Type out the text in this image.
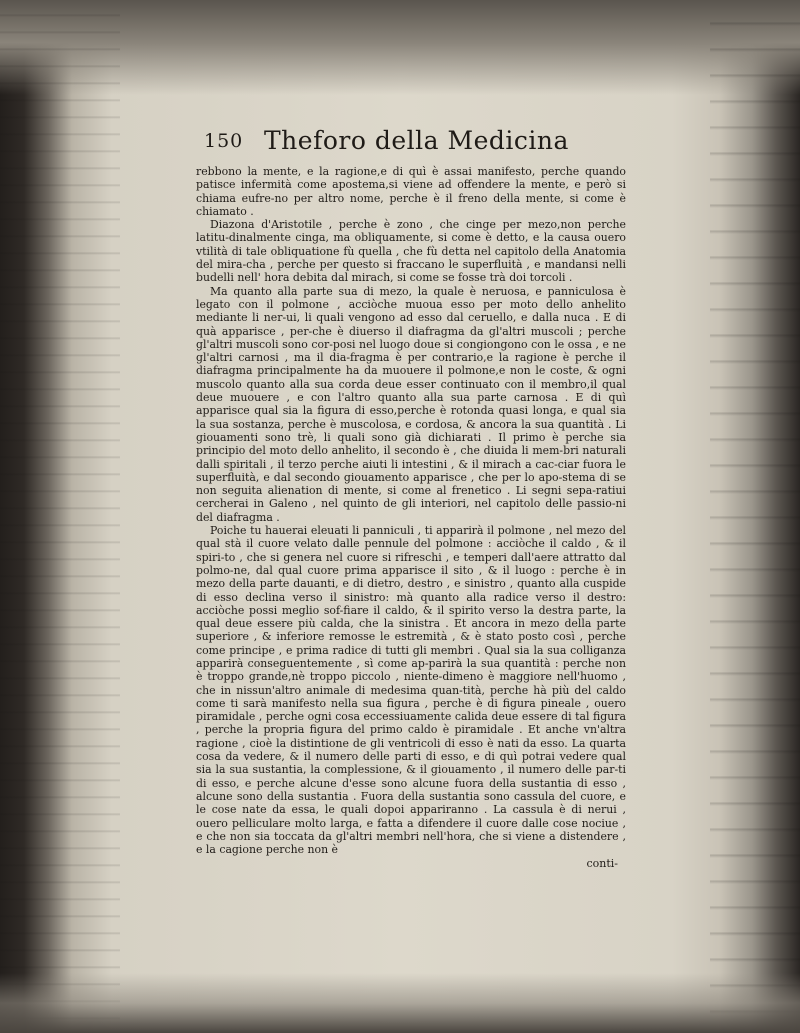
150 Theforo della Medicina

rebbono la mente, e la ragione,e di quì è assai manifesto, perche quando patisce infermità come apostema,si viene ad offendere la mente, e però si chiama eufre-no per altro nome, perche è il freno della mente, si come è chiamato .

Diazona d'Aristotile , perche è zono , che cinge per mezo,non perche latitu-dinalmente cinga, ma obliquamente, si come è detto, e la causa ouero vtilità di tale obliquatione fù quella , che fù detta nel capitolo della Anatomia del mira-cha , perche per questo si fraccano le superfluità , e mandansi nelli budelli nell' hora debita dal mirach, si come se fosse trà doi torcoli .

Ma quanto alla parte sua di mezo, la quale è neruosa, e panniculosa è legato con il polmone , acciòche muoua esso per moto dello anhelito mediante li ner-ui, li quali vengono ad esso dal ceruello, e dalla nuca . E di quà apparisce , per-che è diuerso il diafragma da gl'altri muscoli ; perche gl'altri muscoli sono cor-posi nel luogo doue si congiongono con le ossa , e ne gl'altri carnosi , ma il dia-fragma è per contrario,e la ragione è perche il diafragma principalmente ha da muouere il polmone,e non le coste, & ogni muscolo quanto alla sua corda deue esser continuato con il membro,il qual deue muouere , e con l'altro quanto alla sua parte carnosa . E di quì apparisce qual sia la figura di esso,perche è rotonda quasi longa, e qual sia la sua sostanza, perche è muscolosa, e cordosa, & ancora la sua quantità . Li giouamenti sono trè, li quali sono già dichiarati . Il primo è perche sia principio del moto dello anhelito, il secondo è , che diuida li mem-bri naturali dalli spiritali , il terzo perche aiuti li intestini , & il mirach a cac-ciar fuora le superfluità, e dal secondo giouamento apparisce , che per lo apo-stema di se non seguita alienation di mente, si come al frenetico . Li segni sepa-ratiui cercherai in Galeno , nel quinto de gli interiori, nel capitolo delle passio-ni del diafragma .

Poiche tu hauerai eleuati li panniculi , ti apparirà il polmone , nel mezo del qual stà il cuore velato dalle pennule del polmone : acciòche il caldo , & il spiri-to , che si genera nel cuore si rifreschi , e temperi dall'aere attratto dal polmo-ne, dal qual cuore prima apparisce il sito , & il luogo : perche è in mezo della parte dauanti, e di dietro, destro , e sinistro , quanto alla cuspide di esso declina verso il sinistro: mà quanto alla radice verso il destro: acciòche possi meglio sof-fiare il caldo, & il spirito verso la destra parte, la qual deue essere più calda, che la sinistra . Et ancora in mezo della parte superiore , & inferiore remosse le estremità , & è stato posto così , perche come principe , e prima radice di tutti gli membri . Qual sia la sua colliganza apparirà conseguentemente , sì come ap-parirà la sua quantità : perche non è troppo grande,nè troppo piccolo , niente-dimeno è maggiore nell'huomo , che in nissun'altro animale di medesima quan-tità, perche hà più del caldo come ti sarà manifesto nella sua figura , perche è di figura pineale , ouero piramidale , perche ogni cosa eccessiuamente calida deue essere di tal figura , perche la propria figura del primo caldo è piramidale . Et anche vn'altra ragione , cioè la distintione de gli ventricoli di esso è nati da esso. La quarta cosa da vedere, & il numero delle parti di esso, e di quì potrai vedere qual sia la sua sustantia, la complessione, & il giouamento , il numero delle par-ti di esso, e perche alcune d'esse sono alcune fuora della sustantia di esso , alcune sono della sustantia . Fuora della sustantia sono cassula del cuore, e le cose nate da essa, le quali dopoi appariranno . La cassula è di nerui , ouero pelliculare molto larga, e fatta a difendere il cuore dalle cose nociue , e che non sia toccata da gl'altri membri nell'hora, che si viene a distendere , e la cagione perche non è

conti-
